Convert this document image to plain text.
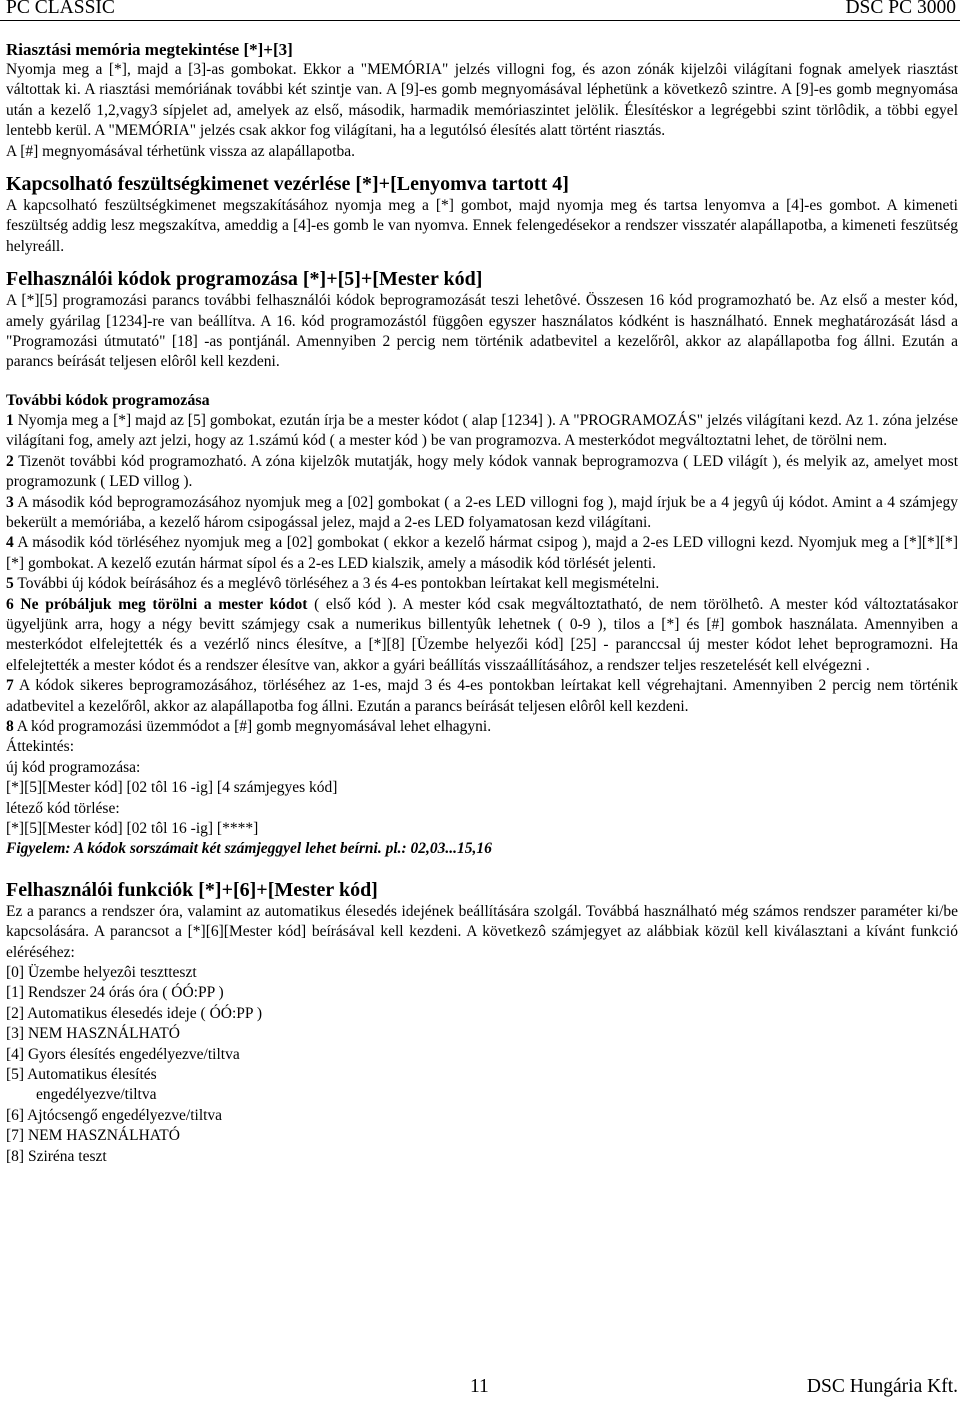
PC CLASSIC	DSC PC 3000
Riasztási memória megtekintése [*]+[3]

Nyomja meg a [*], majd a [3]-as gombokat. Ekkor a "MEMÓRIA" jelzés villogni fog, és azon zónák kijelzôi világítani fognak amelyek riasztást váltottak ki. A riasztási memóriának további két szintje van. A [9]-es gomb megnyomásával léphetünk a következô szintre. A [9]-es gomb megnyomása után a kezelő 1,2,vagy3 sípjelet ad, amelyek az első, második, harmadik memóriaszintet jelölik. Élesítéskor a legrégebbi szint törlôdik, a többi egyel lentebb kerül. A "MEMÓRIA" jelzés csak akkor fog világítani, ha a legutólsó élesítés alatt történt riasztás.

A [#] megnyomásával térhetünk vissza az alapállapotba.

Kapcsolható feszültségkimenet vezérlése [*]+[Lenyomva tartott 4]

A kapcsolható feszültségkimenet megszakításához nyomja meg a [*] gombot, majd nyomja meg és tartsa lenyomva a [4]-es gombot. A kimeneti feszültség addig lesz megszakítva, ameddig a [4]-es gomb le van nyomva. Ennek felengedésekor a rendszer visszatér alapállapotba, a kimeneti feszütség helyreáll.

Felhasználói kódok programozása [*]+[5]+[Mester kód]

A [*][5] programozási parancs további felhasználói kódok beprogramozását teszi lehetôvé. Összesen 16 kód programozható be. Az első a mester kód, amely gyárilag [1234]-re van beállítva. A 16. kód programozástól függôen egyszer használatos kódként is használható. Ennek meghatározását lásd a "Programozási útmutató" [18] -as pontjánál. Amennyiben 2 percig nem történik adatbevitel a kezelőrôl, akkor az alapállapotba fog állni. Ezután a parancs beírását teljesen elôrôl kell kezdeni.

További kódok programozása

1 Nyomja meg a [*] majd az [5] gombokat, ezután írja be a mester kódot ( alap [1234] ). A "PROGRAMOZÁS" jelzés világítani kezd. Az 1. zóna jelzése világítani fog, amely azt jelzi, hogy az 1.számú kód ( a mester kód ) be van programozva. A mesterkódot megváltoztatni lehet, de törölni nem.

2 Tizenöt további kód programozható. A zóna kijelzôk mutatják, hogy mely kódok vannak beprogramozva ( LED világít ), és melyik az, amelyet most programozunk ( LED villog ).

3 A második kód beprogramozásához nyomjuk meg a [02] gombokat ( a 2-es LED villogni fog ), majd írjuk be a 4 jegyû új kódot. Amint a 4 számjegy bekerült a memóriába, a kezelő három csipogással jelez, majd a 2-es LED folyamatosan kezd világítani.

4 A második kód törléséhez nyomjuk meg a [02] gombokat ( ekkor a kezelő hármat csipog ), majd a 2-es LED villogni kezd. Nyomjuk meg a [*][*][*][*] gombokat. A kezelő ezután hármat sípol és a 2-es LED kialszik, amely a második kód törlését jelenti.

5 További új kódok beírásához és a meglévô törléséhez a 3 és 4-es pontokban leírtakat kell megismételni.

6 Ne próbáljuk meg törölni a mester kódot ( első kód ). A mester kód csak megváltoztatható, de nem törölhetô. A mester kód változtatásakor ügyeljünk arra, hogy a négy bevitt számjegy csak a numerikus billentyûk lehetnek ( 0-9 ), tilos a [*] és [#] gombok használata. Amennyiben a mesterkódot elfelejtették és a vezérlő nincs élesítve, a [*][8] [Üzembe helyezői kód] [25] - paranccsal új mester kódot lehet beprogramozni. Ha elfelejtették a mester kódot és a rendszer élesítve van, akkor a gyári beállítás visszaállításához, a rendszer teljes reszetelését kell elvégezni .

7 A kódok sikeres beprogramozásához, törléséhez az 1-es, majd 3 és 4-es pontokban leírtakat kell végrehajtani. Amennyiben 2 percig nem történik adatbevitel a kezelőrôl, akkor az alapállapotba fog állni. Ezután a parancs beírását teljesen elôrôl kell kezdeni.

8 A kód programozási üzemmódot a [#] gomb megnyomásával lehet elhagyni.

Áttekintés:

új kód programozása:

[*][5][Mester kód] [02 tôl 16 -ig] [4 számjegyes kód]

létező kód törlése:

[*][5][Mester kód] [02 tôl 16 -ig] [****]

Figyelem: A kódok sorszámait két számjeggyel lehet beírni. pl.: 02,03...15,16

Felhasználói funkciók [*]+[6]+[Mester kód]

Ez a parancs a rendszer óra, valamint az automatikus élesedés idejének beállítására szolgál. Továbbá használható még számos rendszer paraméter ki/be kapcsolására. A parancsot a [*][6][Mester kód] beírásával kell kezdeni. A következô számjegyet az alábbiak közül kell kiválasztani a kívánt funkció eléréséhez:

[0] Üzembe helyezôi tesztteszt

[1] Rendszer 24 órás óra ( ÓÓ:PP )

[2] Automatikus élesedés ideje ( ÓÓ:PP )

[3] NEM HASZNÁLHATÓ

[4] Gyors élesítés engedélyezve/tiltva

[5] Automatikus élesítés

engedélyezve/tiltva

[6] Ajtócsengő engedélyezve/tiltva

[7] NEM HASZNÁLHATÓ

[8] Sziréna teszt

11	DSC Hungária Kft.
